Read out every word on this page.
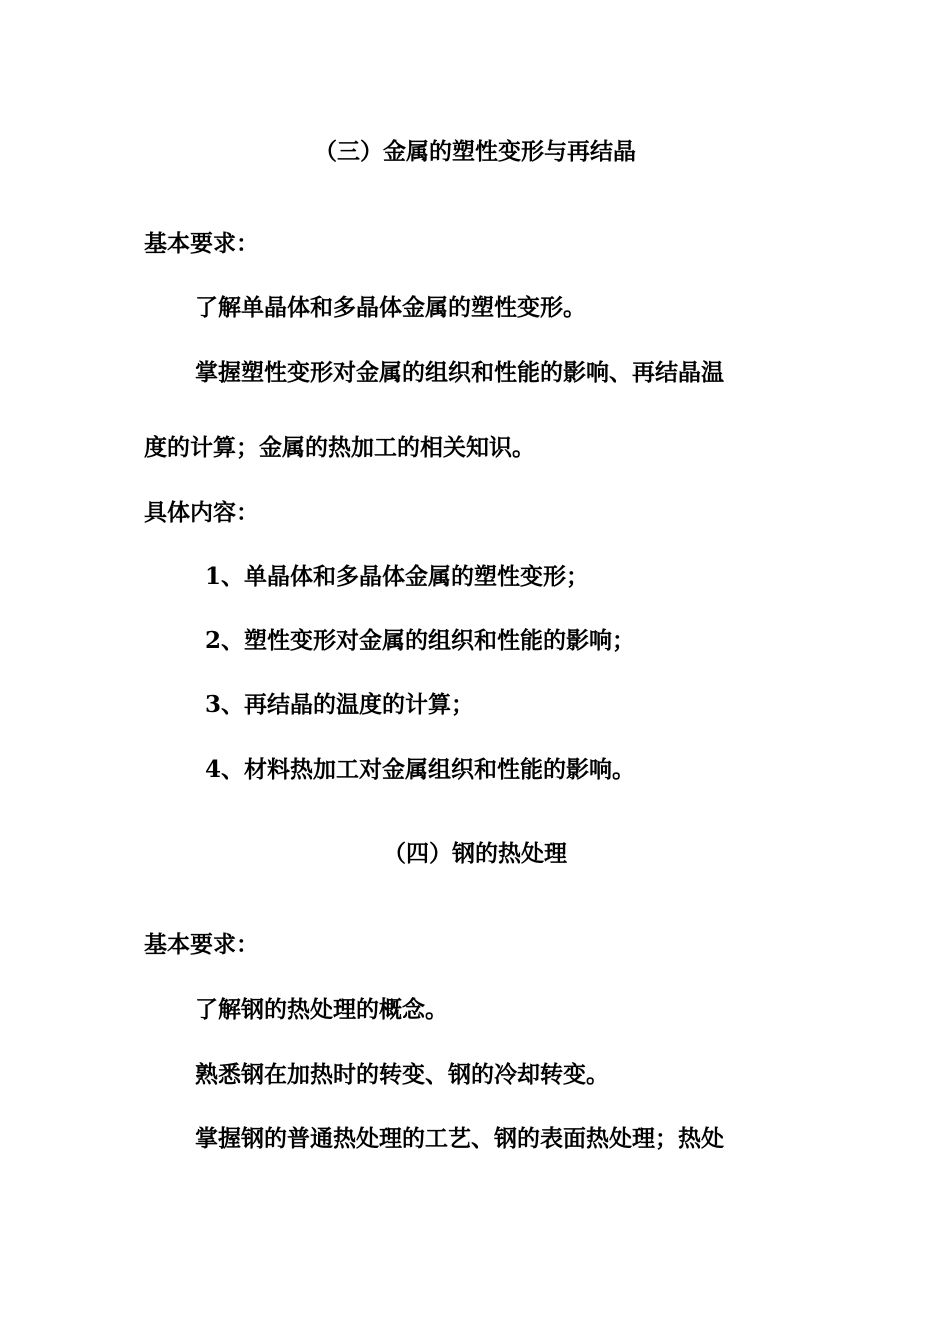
（三）金属的塑性变形与再结晶
基本要求：
了解单晶体和多晶体金属的塑性变形。
掌握塑性变形对金属的组织和性能的影响、再结晶温
度的计算；金属的热加工的相关知识。
具体内容：
1、单晶体和多晶体金属的塑性变形；
2、塑性变形对金属的组织和性能的影响；
3、再结晶的温度的计算；
4、材料热加工对金属组织和性能的影响。
（四）钢的热处理
基本要求：
了解钢的热处理的概念。
熟悉钢在加热时的转变、钢的冷却转变。
掌握钢的普通热处理的工艺、钢的表面热处理；热处
